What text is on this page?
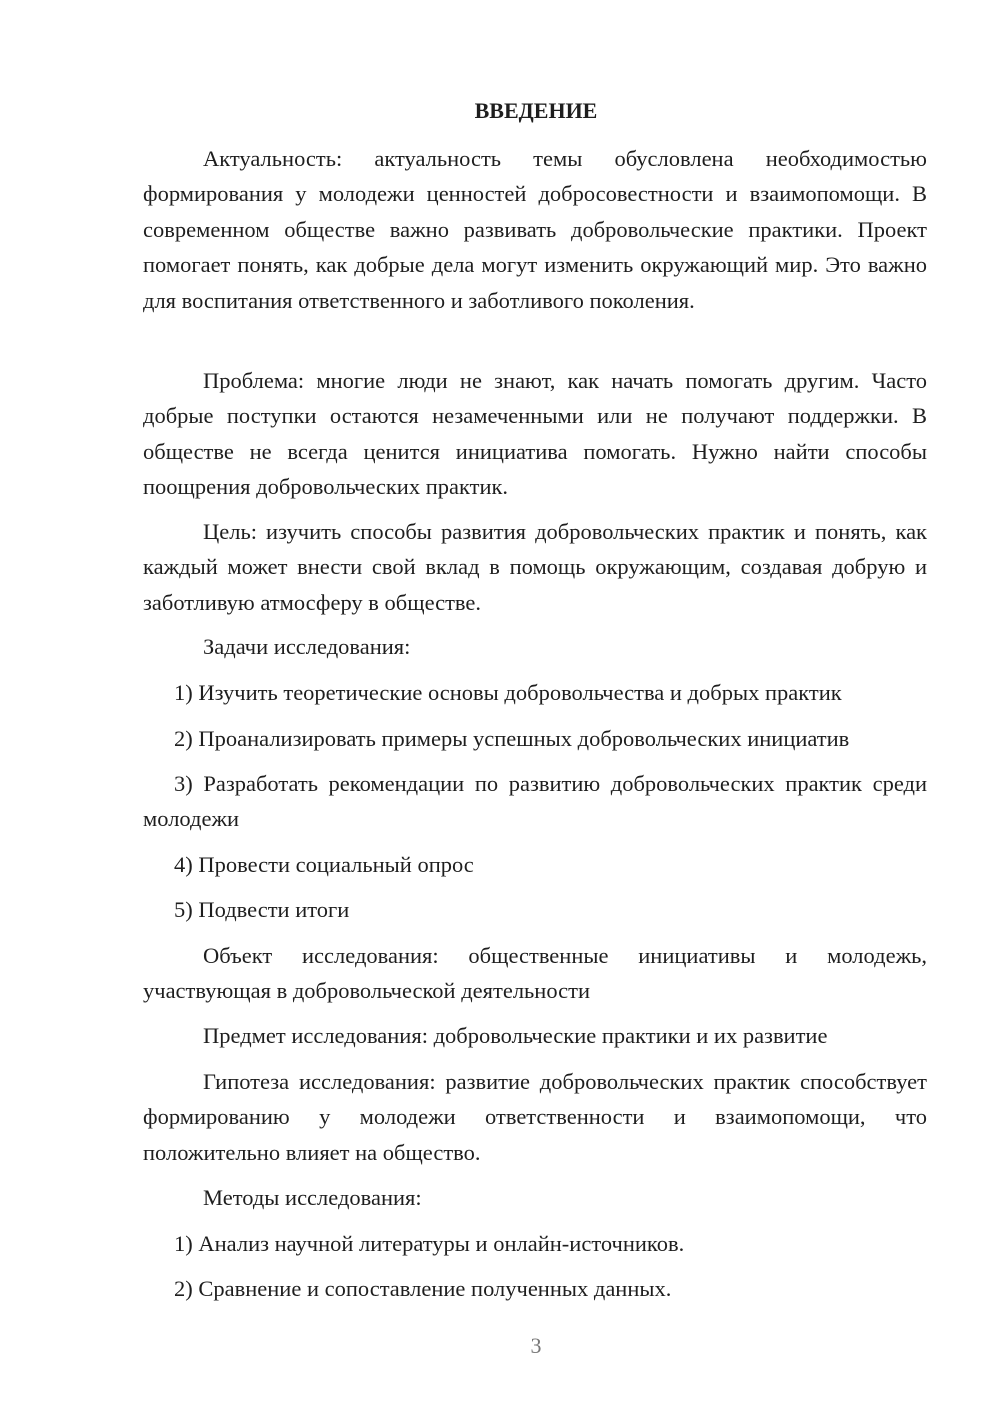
ВВЕДЕНИЕ
Актуальность: актуальность темы обусловлена необходимостью формирования у молодежи ценностей добросовестности и взаимопомощи. В современном обществе важно развивать добровольческие практики. Проект помогает понять, как добрые дела могут изменить окружающий мир. Это важно для воспитания ответственного и заботливого поколения.
Проблема: многие люди не знают, как начать помогать другим. Часто добрые поступки остаются незамеченными или не получают поддержки. В обществе не всегда ценится инициатива помогать. Нужно найти способы поощрения добровольческих практик.
Цель: изучить способы развития добровольческих практик и понять, как каждый может внести свой вклад в помощь окружающим, создавая добрую и заботливую атмосферу в обществе.
Задачи исследования:
1) Изучить теоретические основы добровольчества и добрых практик
2) Проанализировать примеры успешных добровольческих инициатив
3) Разработать рекомендации по развитию добровольческих практик среди молодежи
4) Провести социальный опрос
5) Подвести итоги
Объект исследования: общественные инициативы и молодежь, участвующая в добровольческой деятельности
Предмет исследования: добровольческие практики и их развитие
Гипотеза исследования: развитие добровольческих практик способствует формированию у молодежи ответственности и взаимопомощи, что положительно влияет на общество.
Методы исследования:
1) Анализ научной литературы и онлайн-источников.
2) Сравнение и сопоставление полученных данных.
3
